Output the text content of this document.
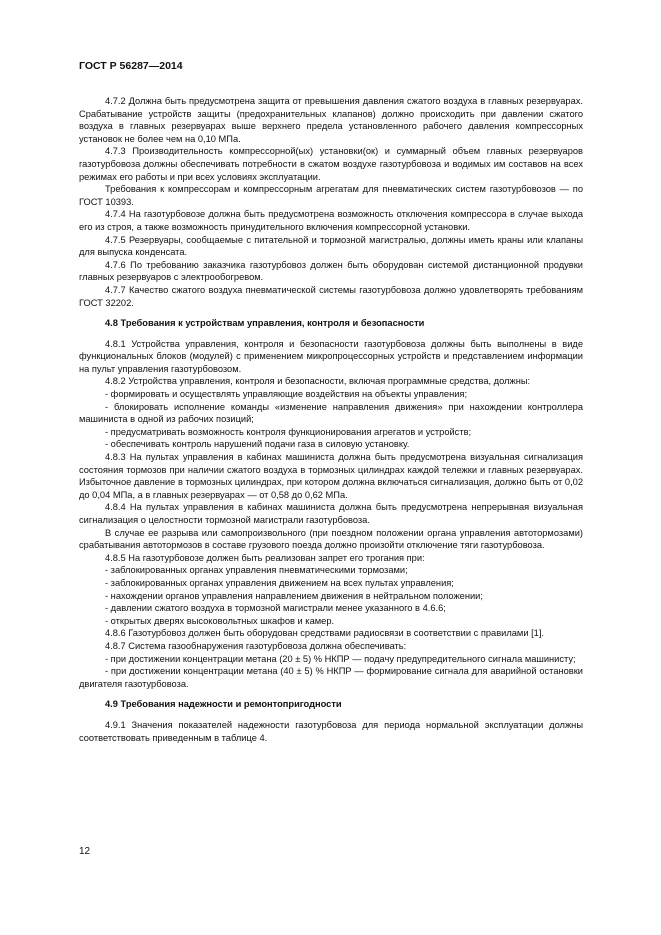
ГОСТ Р 56287—2014

4.7.2 Должна быть предусмотрена защита от превышения давления сжатого воздуха в главных резервуарах. Срабатывание устройств защиты (предохранительных клапанов) должно происходить при давлении сжатого воздуха в главных резервуарах выше верхнего предела установленного рабочего давления компрессорных установок не более чем на 0,10 МПа.

4.7.3 Производительность компрессорной(ых) установки(ок) и суммарный объем главных резервуаров газотурбовоза должны обеспечивать потребности в сжатом воздухе газотурбовоза и водимых им составов на всех режимах его работы и при всех условиях эксплуатации.

Требования к компрессорам и компрессорным агрегатам для пневматических систем газотурбовозов — по ГОСТ 10393.

4.7.4 На газотурбовозе должна быть предусмотрена возможность отключения компрессора в случае выхода его из строя, а также возможность принудительного включения компрессорной установки.

4.7.5 Резервуары, сообщаемые с питательной и тормозной магистралью, должны иметь краны или клапаны для выпуска конденсата.

4.7.6 По требованию заказчика газотурбовоз должен быть оборудован системой дистанционной продувки главных резервуаров с электрообогревом.

4.7.7 Качество сжатого воздуха пневматической системы газотурбовоза должно удовлетворять требованиям ГОСТ 32202.

4.8 Требования к устройствам управления, контроля и безопасности

4.8.1 Устройства управления, контроля и безопасности газотурбовоза должны быть выполнены в виде функциональных блоков (модулей) с применением микропроцессорных устройств и представлением информации на пульт управления газотурбовозом.

4.8.2 Устройства управления, контроля и безопасности, включая программные средства, должны:

- формировать и осуществлять управляющие воздействия на объекты управления;

- блокировать исполнение команды «изменение направления движения» при нахождении контроллера машиниста в одной из рабочих позиций;

- предусматривать возможность контроля функционирования агрегатов и устройств;

- обеспечивать контроль нарушений подачи газа в силовую установку.

4.8.3 На пультах управления в кабинах машиниста должна быть предусмотрена визуальная сигнализация состояния тормозов при наличии сжатого воздуха в тормозных цилиндрах каждой тележки и главных резервуарах. Избыточное давление в тормозных цилиндрах, при котором должна включаться сигнализация, должно быть от 0,02 до 0,04 МПа, а в главных резервуарах — от 0,58 до 0,62 МПа.

4.8.4 На пультах управления в кабинах машиниста должна быть предусмотрена непрерывная визуальная сигнализация о целостности тормозной магистрали газотурбовоза.

В случае ее разрыва или самопроизвольного (при поездном положении органа управления автотормозами) срабатывания автотормозов в составе грузового поезда должно произойти отключение тяги газотурбовоза.

4.8.5 На газотурбовозе должен быть реализован запрет его трогания при:

- заблокированных органах управления пневматическими тормозами;

- заблокированных органах управления движением на всех пультах управления;

- нахождении органов управления направлением движения в нейтральном положении;

- давлении сжатого воздуха в тормозной магистрали менее указанного в 4.6.6;

- открытых дверях высоковольтных шкафов и камер.

4.8.6 Газотурбовоз должен быть оборудован средствами радиосвязи в соответствии с правилами [1].

4.8.7 Система газообнаружения газотурбовоза должна обеспечивать:

- при достижении концентрации метана (20 ± 5) % НКПР — подачу предупредительного сигнала машинисту;

- при достижении концентрации метана (40 ± 5) % НКПР — формирование сигнала для аварийной остановки двигателя газотурбовоза.

4.9 Требования надежности и ремонтопригодности

4.9.1 Значения показателей надежности газотурбовоза для периода нормальной эксплуатации должны соответствовать приведенным в таблице 4.

12
